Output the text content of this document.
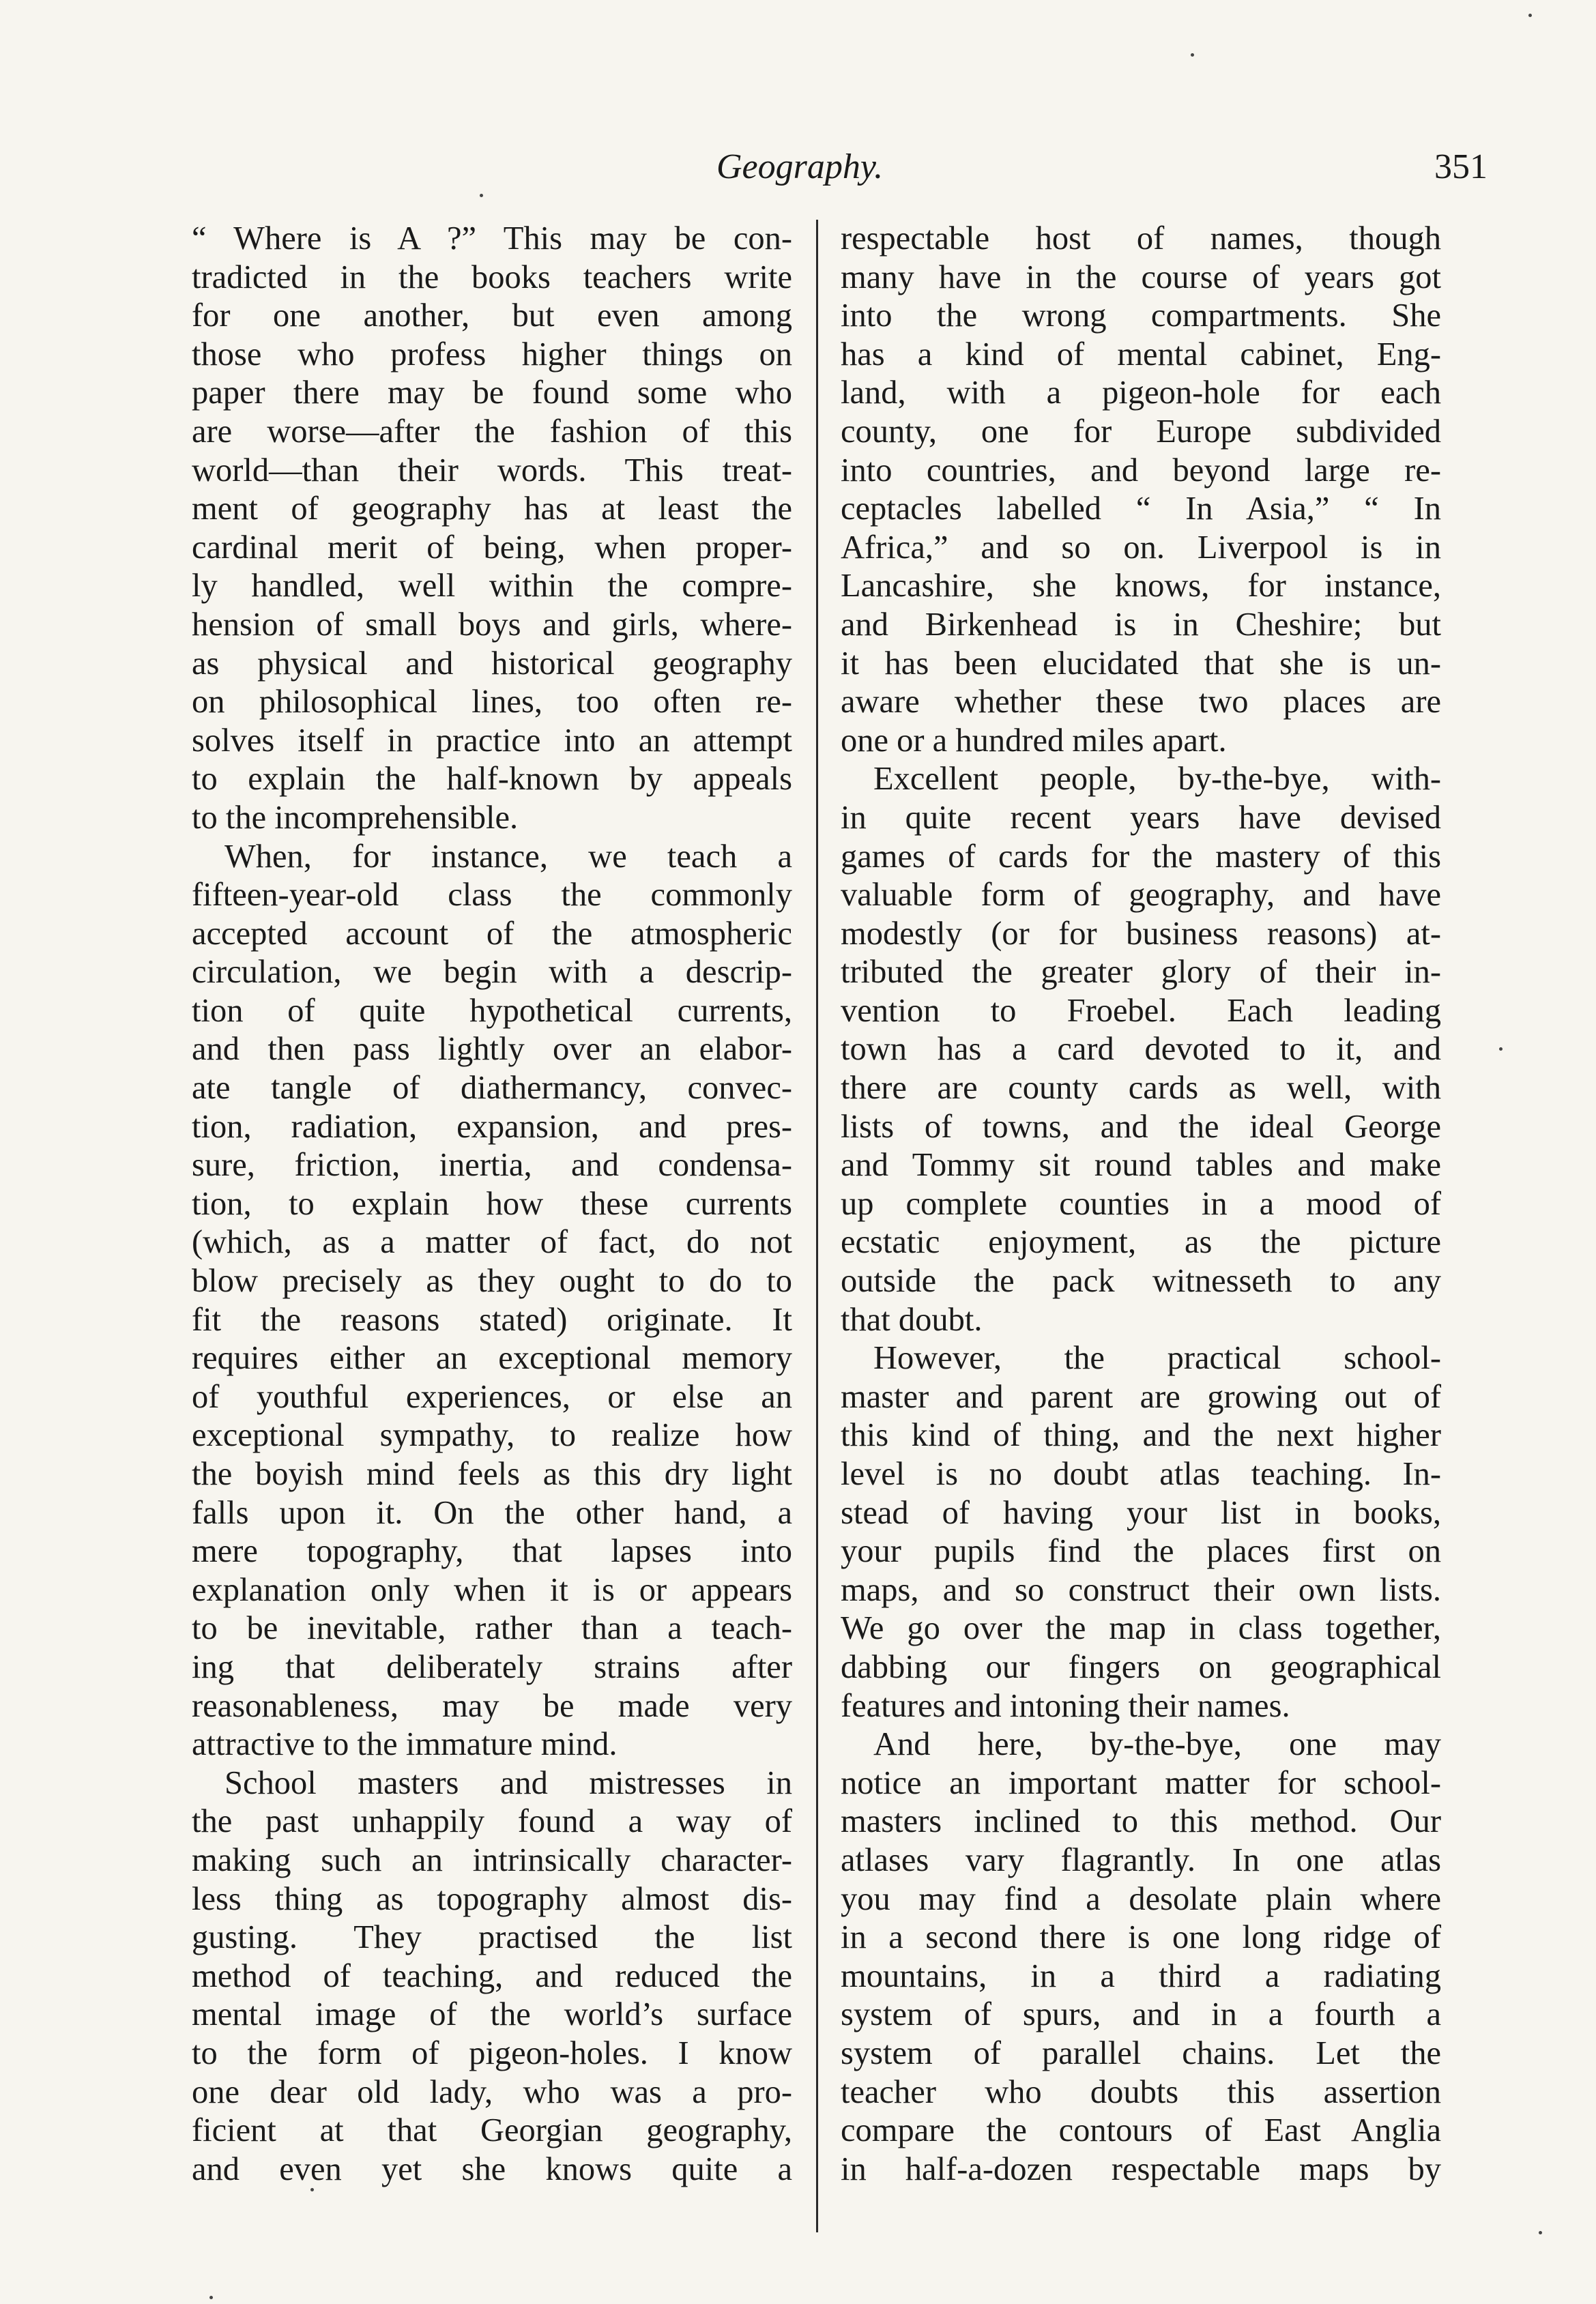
Geography.	351
“ Where is A ?” This may be con-
tradicted in the books teachers write
for one another, but even among
those who profess higher things on
paper there may be found some who
are worse—after the fashion of this
world—than their words. This treat-
ment of geography has at least the
cardinal merit of being, when proper-
ly handled, well within the compre-
hension of small boys and girls, where-
as physical and historical geography
on philosophical lines, too often re-
solves itself in practice into an attempt
to explain the half-known by appeals
to the incomprehensible.
When, for instance, we teach a
fifteen-year-old class the commonly
accepted account of the atmospheric
circulation, we begin with a descrip-
tion of quite hypothetical currents,
and then pass lightly over an elabor-
ate tangle of diathermancy, convec-
tion, radiation, expansion, and pres-
sure, friction, inertia, and condensa-
tion, to explain how these currents
(which, as a matter of fact, do not
blow precisely as they ought to do to
fit the reasons stated) originate. It
requires either an exceptional memory
of youthful experiences, or else an
exceptional sympathy, to realize how
the boyish mind feels as this dry light
falls upon it. On the other hand, a
mere topography, that lapses into
explanation only when it is or appears
to be inevitable, rather than a teach-
ing that deliberately strains after
reasonableness, may be made very
attractive to the immature mind.
School masters and mistresses in
the past unhappily found a way of
making such an intrinsically character-
less thing as topography almost dis-
gusting. They practised the list
method of teaching, and reduced the
mental image of the world’s surface
to the form of pigeon-holes. I know
one dear old lady, who was a pro-
ficient at that Georgian geography,
and even yet she knows quite a
respectable host of names, though
many have in the course of years got
into the wrong compartments. She
has a kind of mental cabinet, Eng-
land, with a pigeon-hole for each
county, one for Europe subdivided
into countries, and beyond large re-
ceptacles labelled “ In Asia,” “ In
Africa,” and so on. Liverpool is in
Lancashire, she knows, for instance,
and Birkenhead is in Cheshire; but
it has been elucidated that she is un-
aware whether these two places are
one or a hundred miles apart.
Excellent people, by-the-bye, with-
in quite recent years have devised
games of cards for the mastery of this
valuable form of geography, and have
modestly (or for business reasons) at-
tributed the greater glory of their in-
vention to Froebel. Each leading
town has a card devoted to it, and
there are county cards as well, with
lists of towns, and the ideal George
and Tommy sit round tables and make
up complete counties in a mood of
ecstatic enjoyment, as the picture
outside the pack witnesseth to any
that doubt.
However, the practical school-
master and parent are growing out of
this kind of thing, and the next higher
level is no doubt atlas teaching. In-
stead of having your list in books,
your pupils find the places first on
maps, and so construct their own lists.
We go over the map in class together,
dabbing our fingers on geographical
features and intoning their names.
And here, by-the-bye, one may
notice an important matter for school-
masters inclined to this method. Our
atlases vary flagrantly. In one atlas
you may find a desolate plain where
in a second there is one long ridge of
mountains, in a third a radiating
system of spurs, and in a fourth a
system of parallel chains. Let the
teacher who doubts this assertion
compare the contours of East Anglia
in half-a-dozen respectable maps by
